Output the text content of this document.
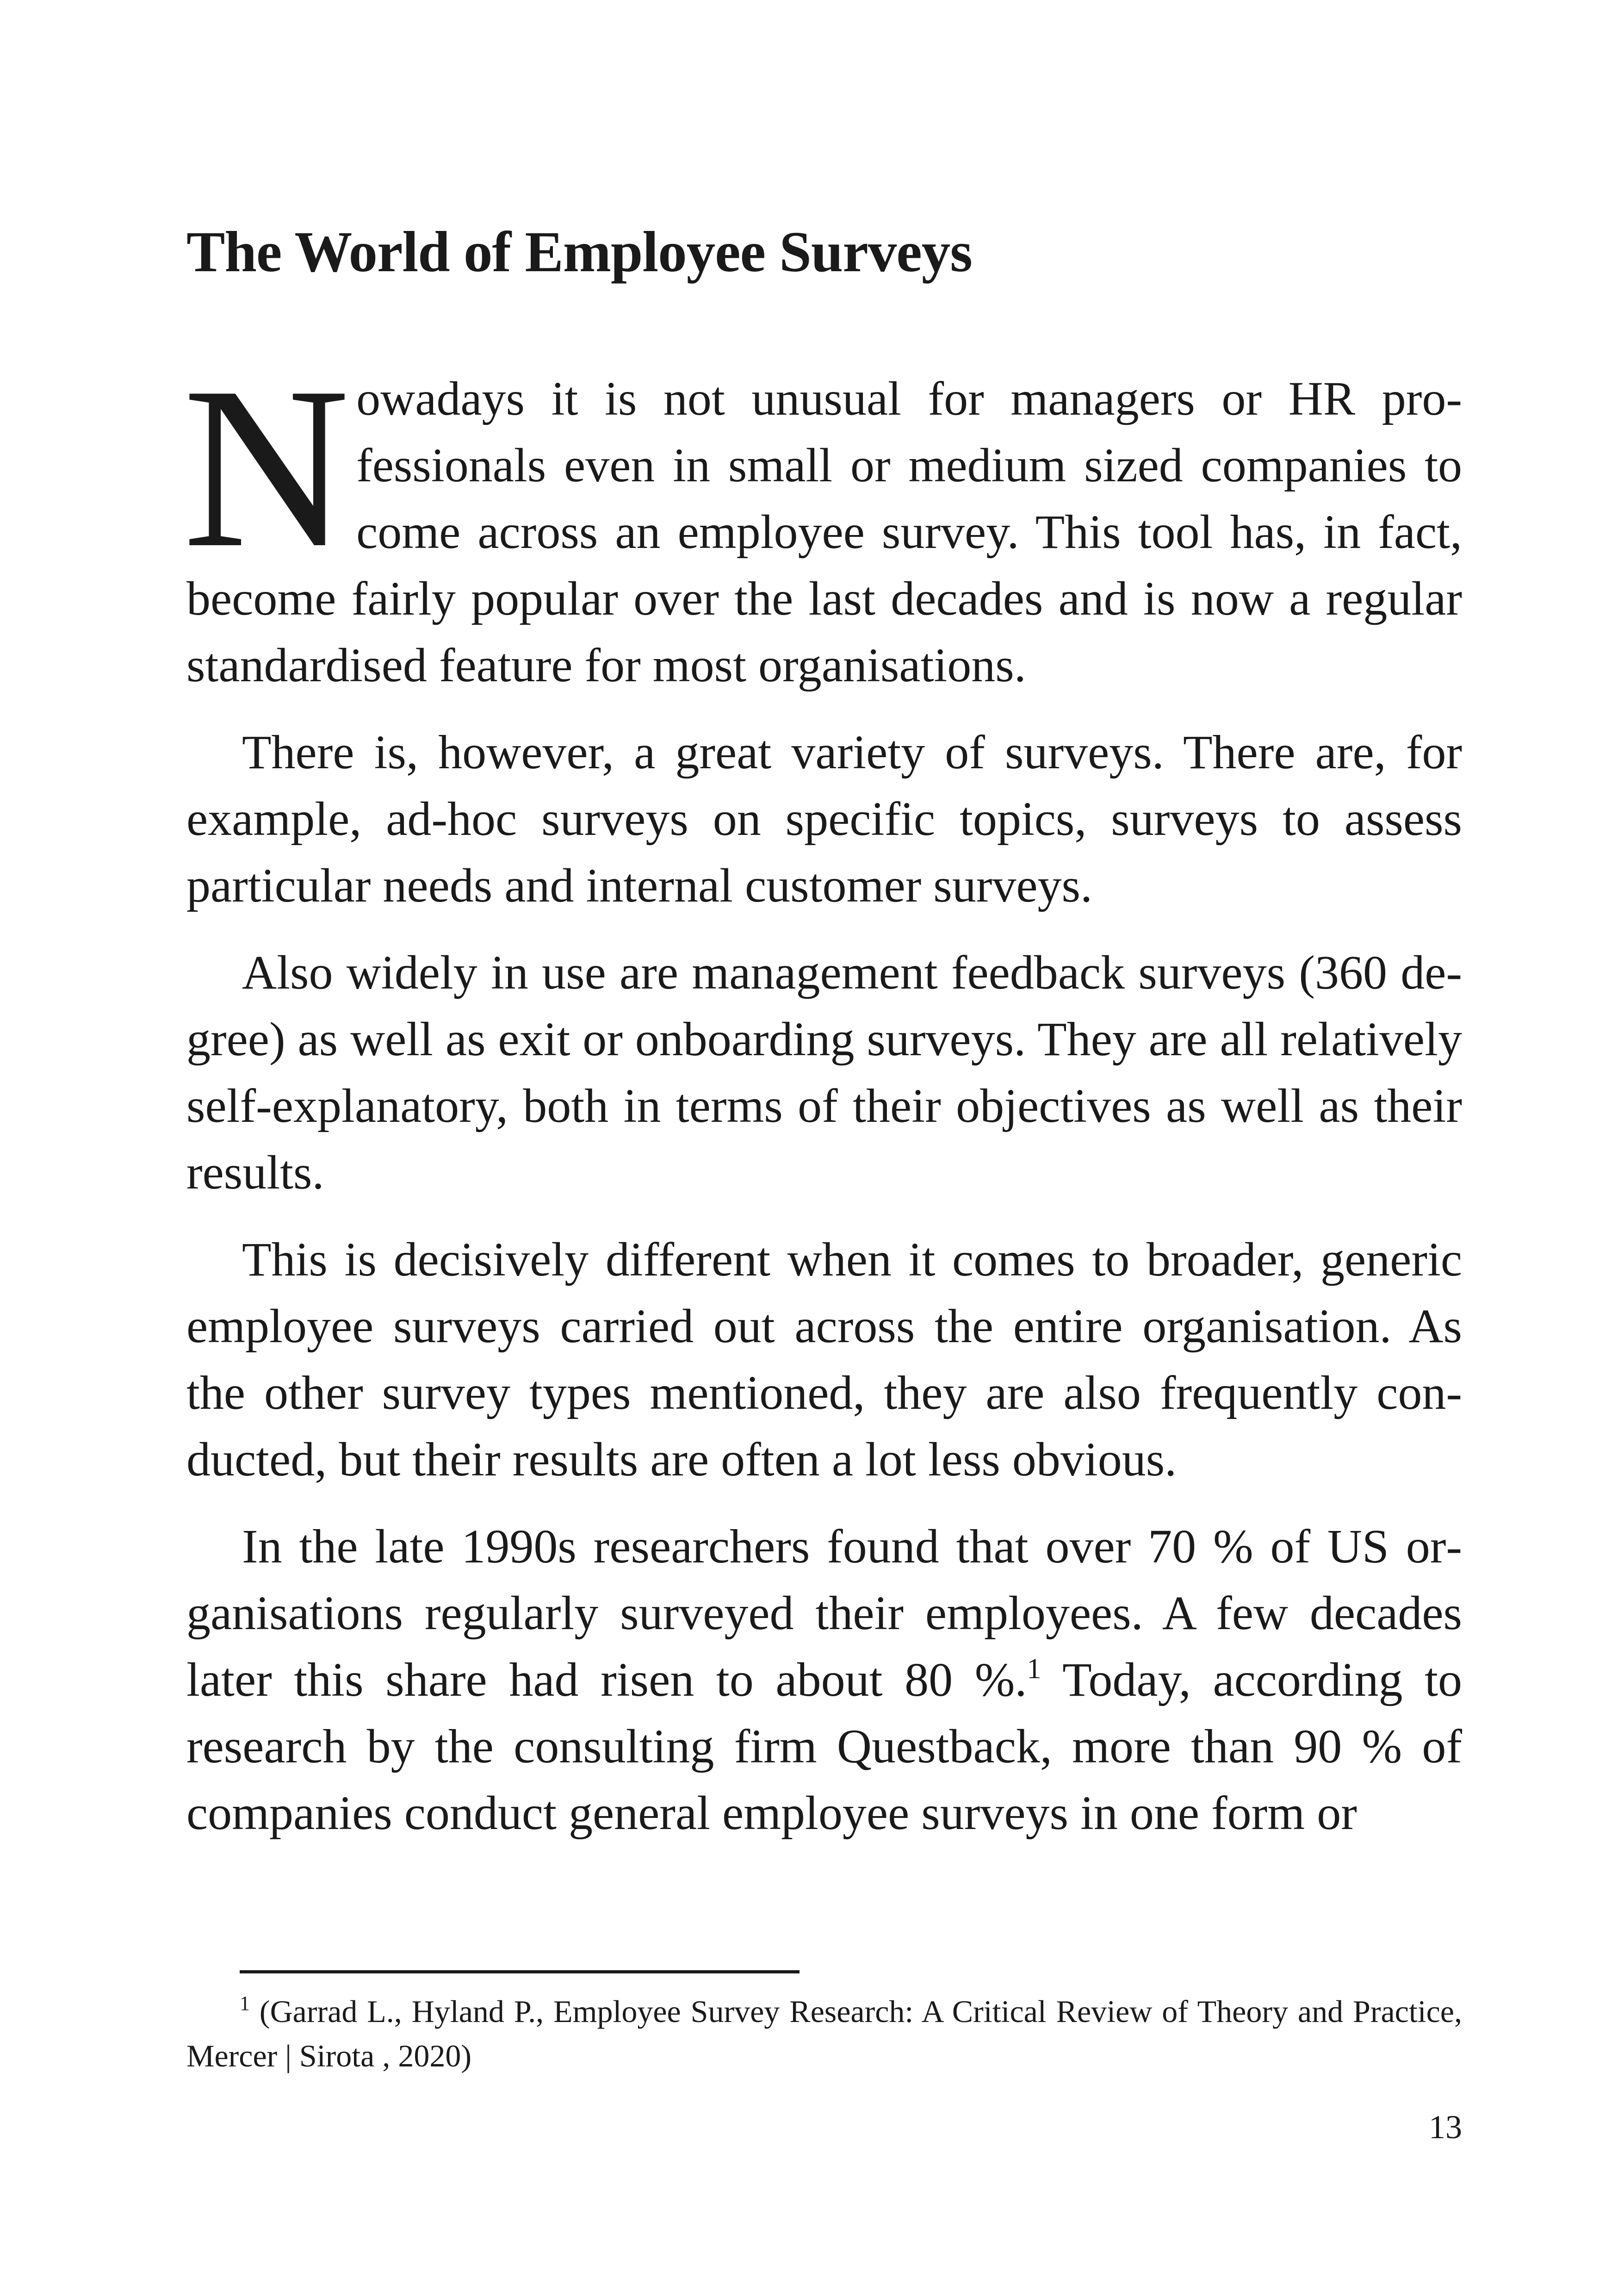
The World of Employee Surveys

Nowadays it is not unusual for managers or HR professionals even in small or medium sized companies to come across an employee survey. This tool has, in fact, become fairly popular over the last decades and is now a regular standardised feature for most organisations.

There is, however, a great variety of surveys. There are, for example, ad-hoc surveys on specific topics, surveys to assess particular needs and internal customer surveys.

Also widely in use are management feedback surveys (360 degree) as well as exit or onboarding surveys. They are all relatively self-explanatory, both in terms of their objectives as well as their results.

This is decisively different when it comes to broader, generic employee surveys carried out across the entire organisation. As the other survey types mentioned, they are also frequently conducted, but their results are often a lot less obvious.

In the late 1990s researchers found that over 70 % of US organisations regularly surveyed their employees. A few decades later this share had risen to about 80 %.$^1$ Today, according to research by the consulting firm Questback, more than 90 % of companies conduct general employee surveys in one form or

$^1$ (Garrad L., Hyland P., Employee Survey Research: A Critical Review of Theory and Practice, Mercer | Sirota , 2020)
13
